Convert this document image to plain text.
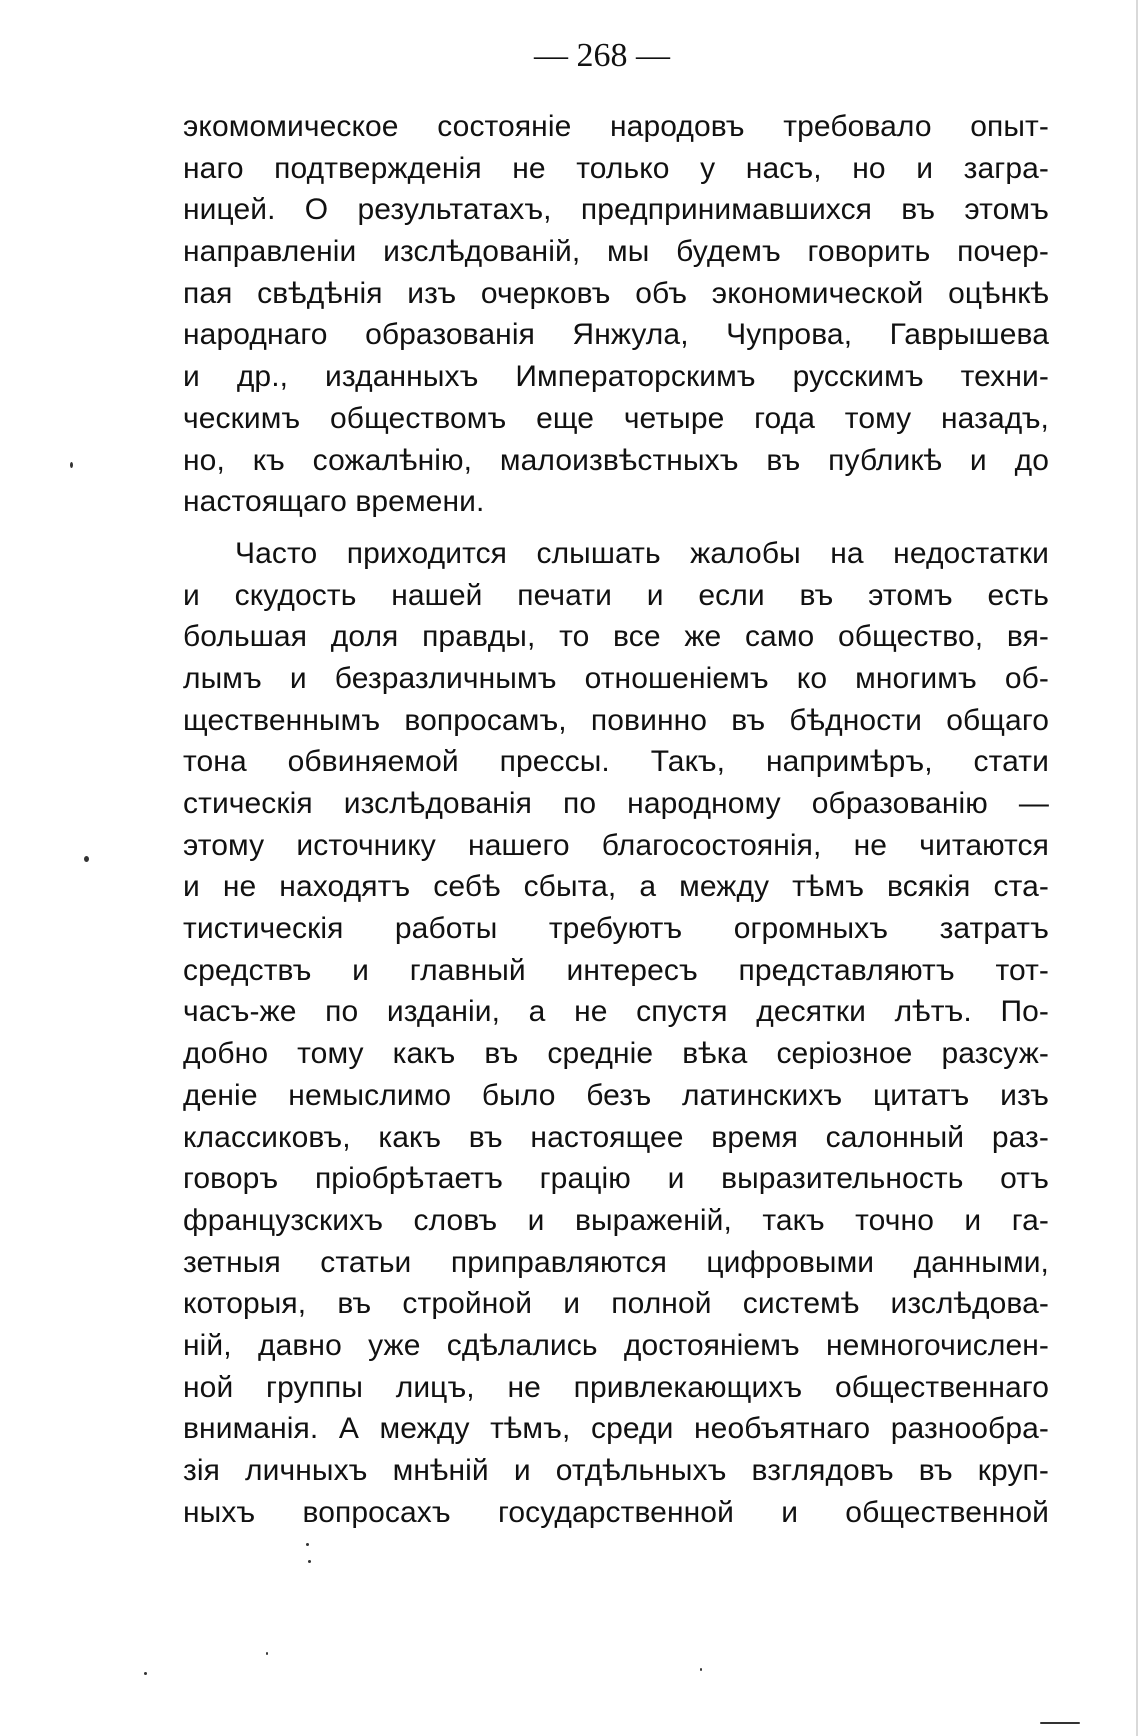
— 268 —
экомомическое состоянiе народовъ требовало опыт-
наго подтвержденiя не только у насъ, но и загра-
ницей. О результатахъ, предпринимавшихся въ этомъ
направленiи изслѣдованiй, мы будемъ говорить почер-
пая свѣдѣнiя изъ очерковъ объ экономической оцѣнкѣ
народнаго образованiя Янжула, Чупрова, Гаврышева
и др., изданныхъ Императорскимъ русскимъ техни-
ческимъ обществомъ еще четыре года тому назадъ,
но, къ сожалѣнiю, малоизвѣстныхъ въ публикѣ и до
настоящаго времени.
Часто приходится слышать жалобы на недостатки
и скудость нашей печати и если въ этомъ есть
большая доля правды, то все же само общество, вя-
лымъ и безразличнымъ отношенiемъ ко многимъ об-
щественнымъ вопросамъ, повинно въ бѣдности общаго
тона обвиняемой прессы. Такъ, напримѣръ, стати
стическiя изслѣдованiя по народному образованiю —
этому источнику нашего благосостоянiя, не читаются
и не находятъ себѣ сбыта, а между тѣмъ всякiя ста-
тистическiя работы требуютъ огромныхъ затратъ
средствъ и главный интересъ представляютъ тот-
часъ-же по изданiи, а не спустя десятки лѣтъ. По-
добно тому какъ въ среднiе вѣка серiозное разсуж-
денiе немыслимо было безъ латинскихъ цитатъ изъ
классиковъ, какъ въ настоящее время салонный раз-
говоръ прiобрѣтаетъ грацiю и выразительность отъ
французскихъ словъ и выраженiй, такъ точно и га-
зетныя статьи приправляются цифровыми данными,
которыя, въ стройной и полной системѣ изслѣдова-
нiй, давно уже сдѣлались достоянiемъ немногочислен-
ной группы лицъ, не привлекающихъ общественнаго
вниманiя. А между тѣмъ, среди необъятнаго разнообра-
зiя личныхъ мнѣнiй и отдѣльныхъ взглядовъ въ круп-
ныхъ вопросахъ государственной и общественной
